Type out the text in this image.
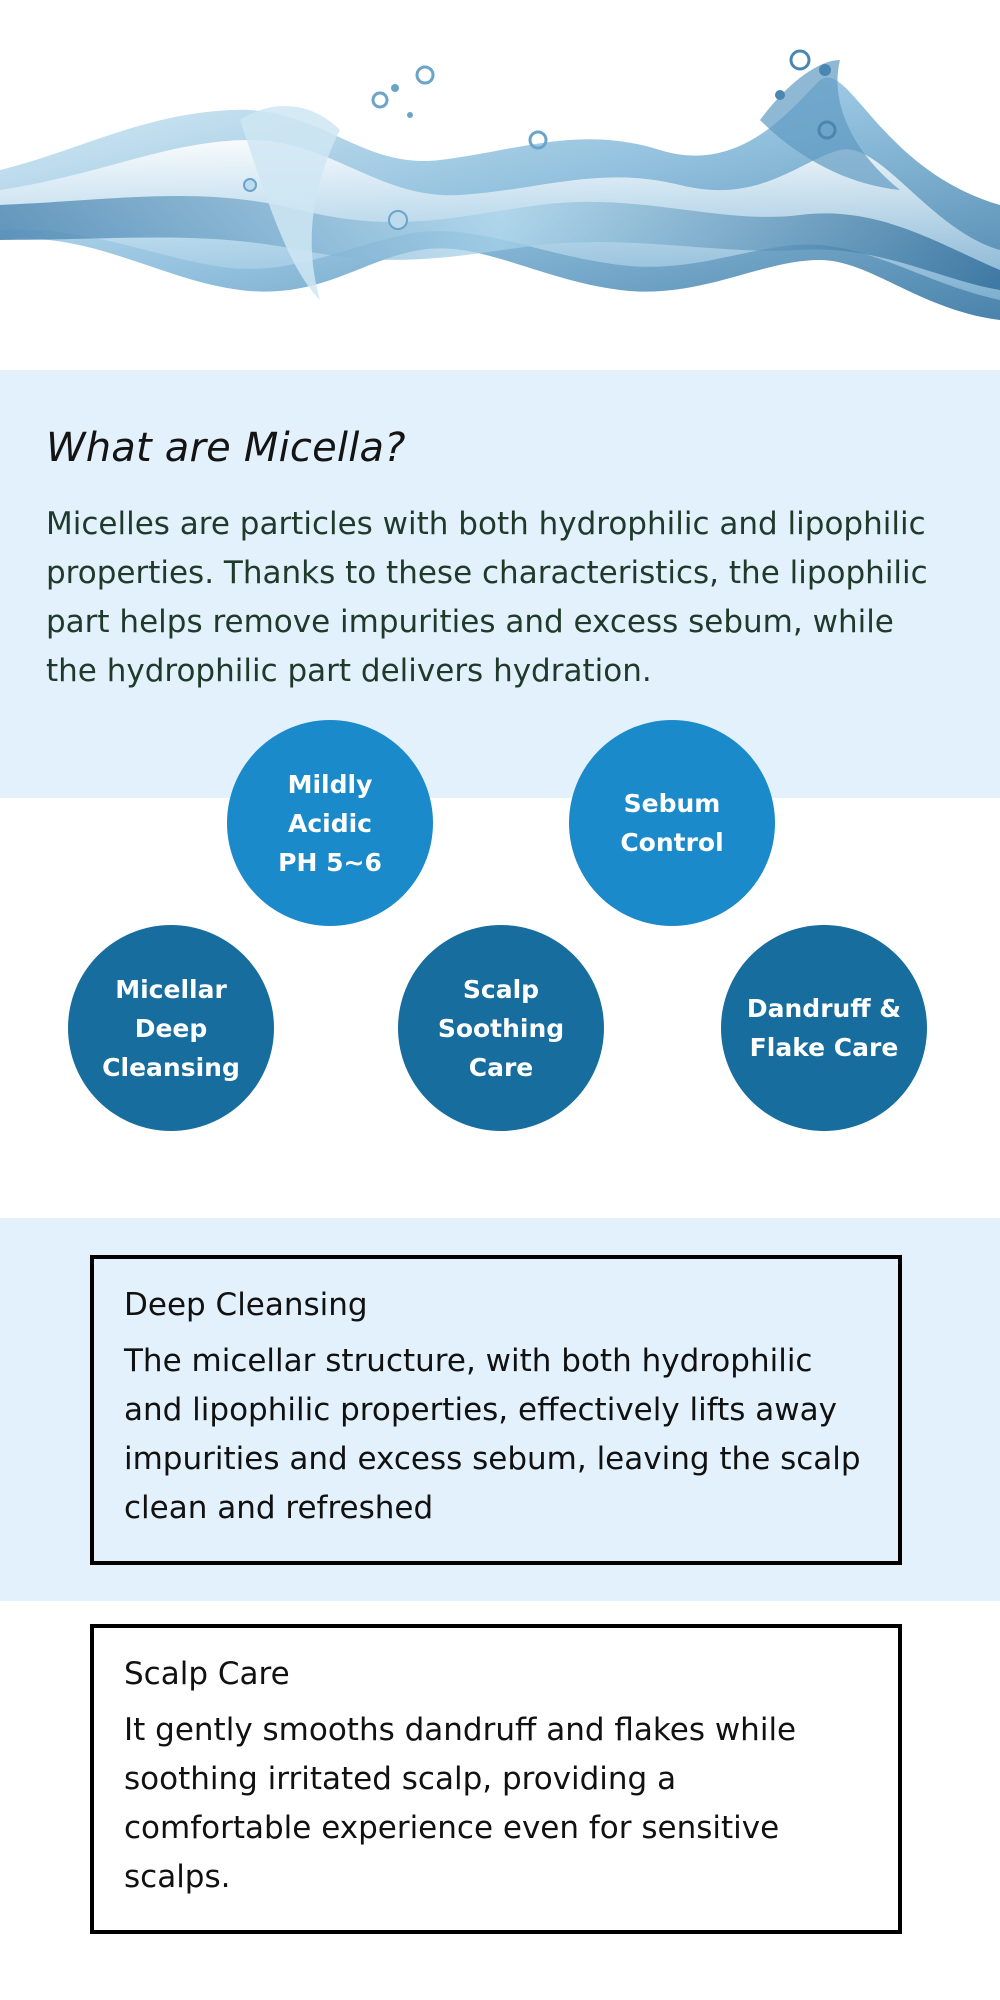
What are Micella?

Micelles are particles with both hydrophilic and lipophilic properties. Thanks to these characteristics, the lipophilic part helps remove impurities and excess sebum, while the hydrophilic part delivers hydration.

Mildly
Acidic
PH 5~6
Sebum
Control
Micellar
Deep
Cleansing
Scalp
Soothing
Care
Dandruff &
Flake Care
Deep Cleansing

The micellar structure, with both hydrophilic and lipophilic properties, effectively lifts away impurities and excess sebum, leaving the scalp clean and refreshed

Scalp Care

It gently smooths dandruff and flakes while soothing irritated scalp, providing a comfortable experience even for sensitive scalps.
